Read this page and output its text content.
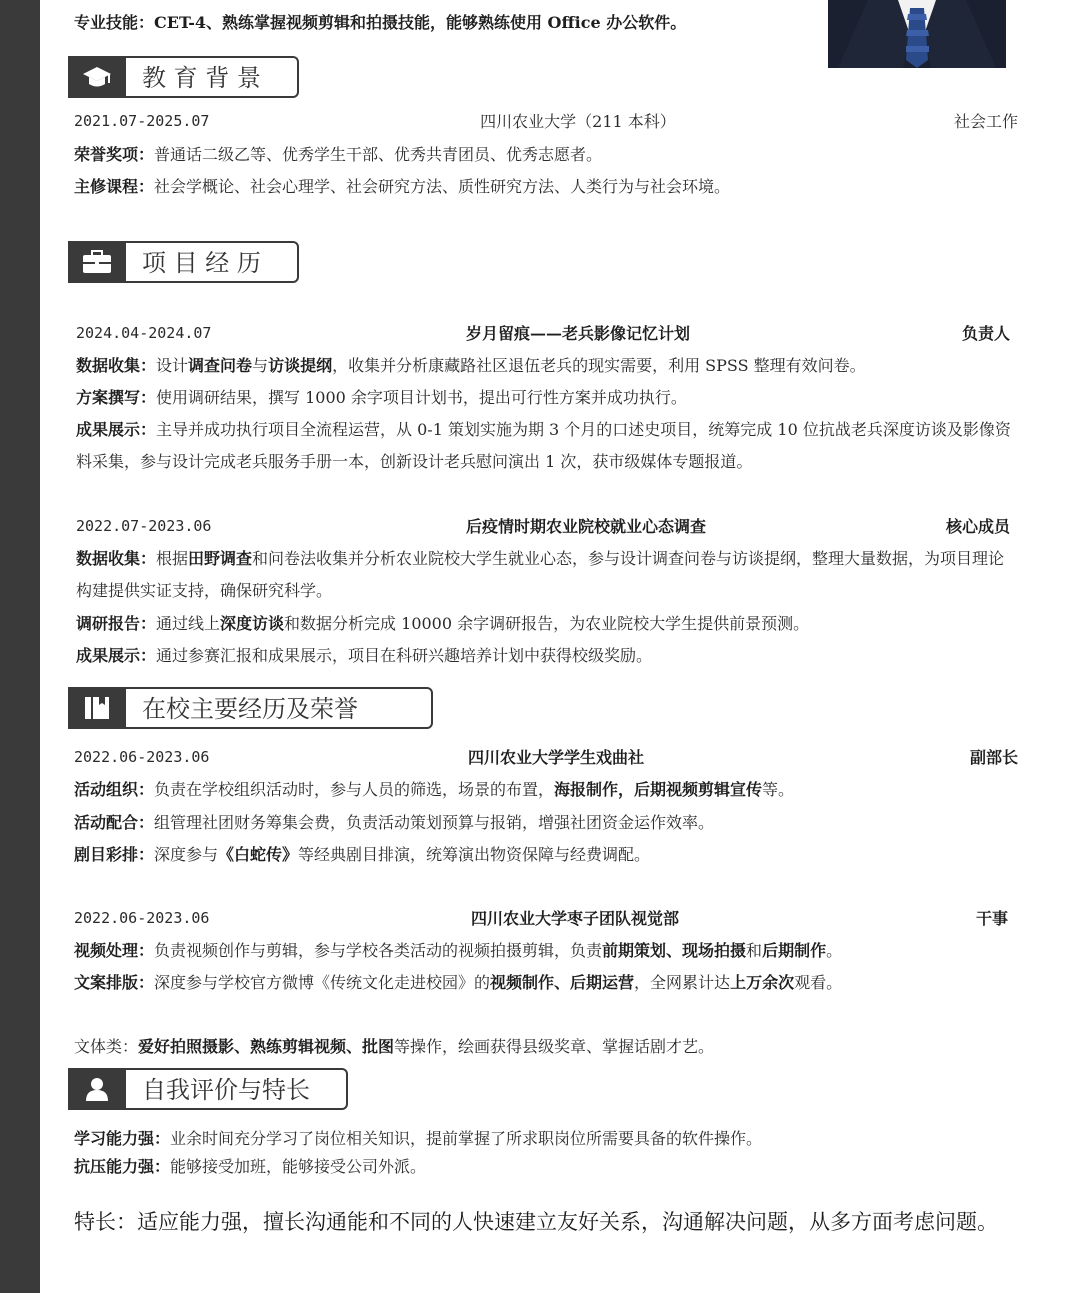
专业技能：CET-4、熟练掌握视频剪辑和拍摄技能，能够熟练使用 Office 办公软件。
教 育 背 景
2021.07-2025.07	四川农业大学（211 本科）	社会工作
荣誉奖项：普通话二级乙等、优秀学生干部、优秀共青团员、优秀志愿者。
主修课程：社会学概论、社会心理学、社会研究方法、质性研究方法、人类行为与社会环境。
项 目 经 历
2024.04-2024.07	岁月留痕——老兵影像记忆计划	负责人
数据收集：设计调查问卷与访谈提纲，收集并分析康藏路社区退伍老兵的现实需要，利用 SPSS 整理有效问卷。
方案撰写：使用调研结果，撰写 1000 余字项目计划书，提出可行性方案并成功执行。
成果展示：主导并成功执行项目全流程运营，从 0-1 策划实施为期 3 个月的口述史项目，统筹完成 10 位抗战老兵深度访谈及影像资料采集，参与设计完成老兵服务手册一本，创新设计老兵慰问演出 1 次，获市级媒体专题报道。
2022.07-2023.06	后疫情时期农业院校就业心态调查	核心成员
数据收集：根据田野调查和问卷法收集并分析农业院校大学生就业心态，参与设计调查问卷与访谈提纲，整理大量数据，为项目理论构建提供实证支持，确保研究科学。
调研报告：通过线上深度访谈和数据分析完成 10000 余字调研报告，为农业院校大学生提供前景预测。
成果展示：通过参赛汇报和成果展示，项目在科研兴趣培养计划中获得校级奖励。
在校主要经历及荣誉
2022.06-2023.06	四川农业大学学生戏曲社	副部长
活动组织：负责在学校组织活动时，参与人员的筛选，场景的布置，海报制作，后期视频剪辑宣传等。
活动配合：组管理社团财务筹集会费，负责活动策划预算与报销，增强社团资金运作效率。
剧目彩排：深度参与《白蛇传》等经典剧目排演，统筹演出物资保障与经费调配。
2022.06-2023.06	四川农业大学枣子团队视觉部	干事
视频处理：负责视频创作与剪辑，参与学校各类活动的视频拍摄剪辑，负责前期策划、现场拍摄和后期制作。
文案排版：深度参与学校官方微博《传统文化走进校园》的视频制作、后期运营，全网累计达上万余次观看。
文体类：爱好拍照摄影、熟练剪辑视频、批图等操作，绘画获得县级奖章、掌握话剧才艺。
自我评价与特长
学习能力强：业余时间充分学习了岗位相关知识，提前掌握了所求职岗位所需要具备的软件操作。
抗压能力强：能够接受加班，能够接受公司外派。
特长：适应能力强，擅长沟通能和不同的人快速建立友好关系，沟通解决问题，从多方面考虑问题。
